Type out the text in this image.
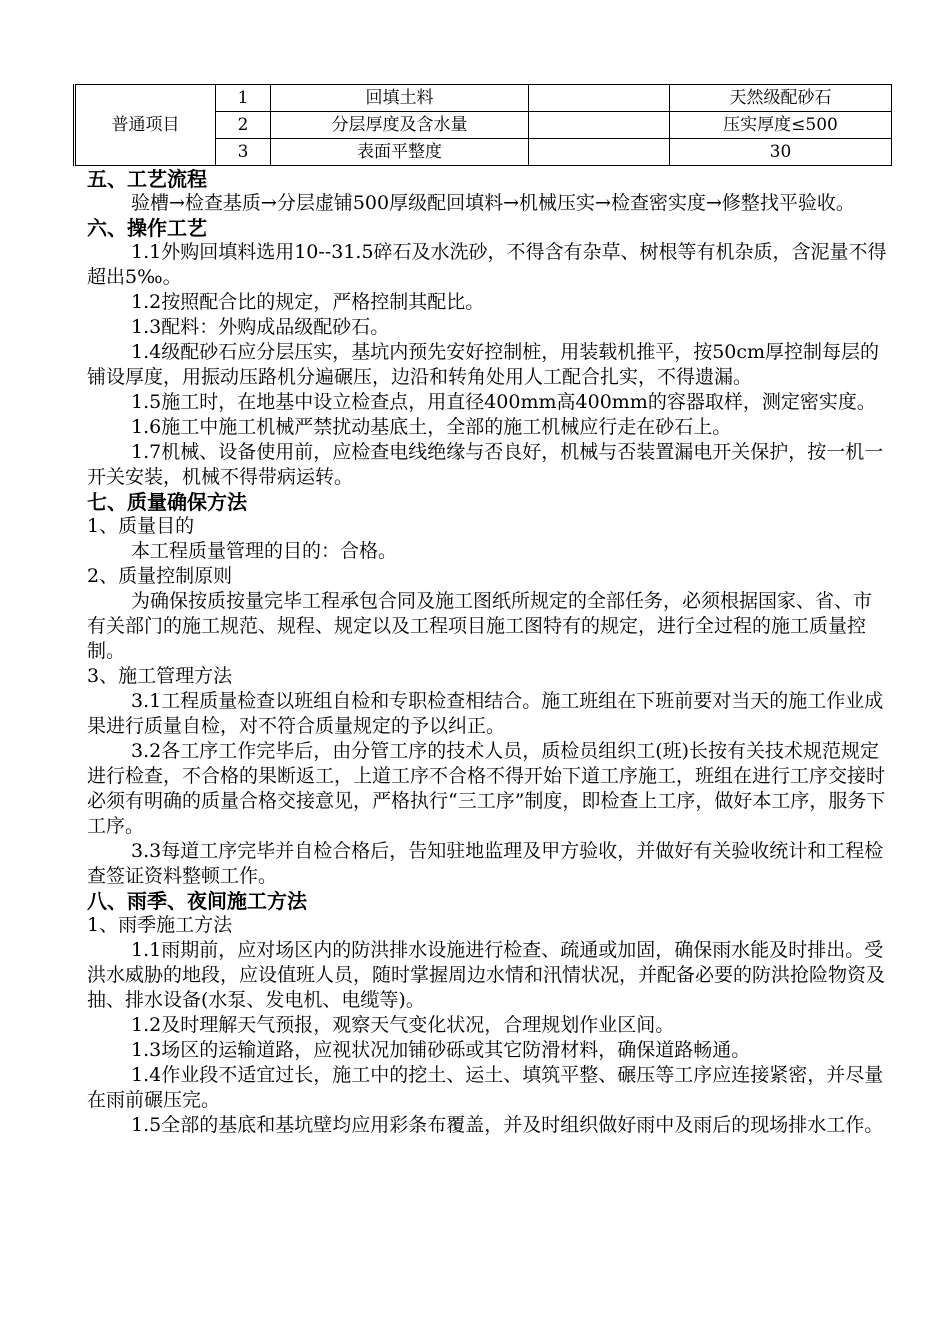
普通项目	1	回填土料		天然级配砂石
	2	分层厚度及含水量		压实厚度≤500
	3	表面平整度		30

五、工艺流程

验槽→检查基质→分层虚铺500厚级配回填料→机械压实→检查密实度→修整找平验收。

六、操作工艺

1.1外购回填料选用10--31.5碎石及水洗砂，不得含有杂草、树根等有机杂质，含泥量不得超出5‰。

1.2按照配合比的规定，严格控制其配比。

1.3配料：外购成品级配砂石。

1.4级配砂石应分层压实，基坑内预先安好控制桩，用装载机推平，按50cm厚控制每层的铺设厚度，用振动压路机分遍碾压，边沿和转角处用人工配合扎实，不得遗漏。

1.5施工时，在地基中设立检查点，用直径400mm高400mm的容器取样，测定密实度。

1.6施工中施工机械严禁扰动基底土，全部的施工机械应行走在砂石上。

1.7机械、设备使用前，应检查电线绝缘与否良好，机械与否装置漏电开关保护，按一机一开关安装，机械不得带病运转。

七、质量确保方法

1、质量目的

本工程质量管理的目的：合格。

2、质量控制原则

为确保按质按量完毕工程承包合同及施工图纸所规定的全部任务，必须根据国家、省、市有关部门的施工规范、规程、规定以及工程项目施工图特有的规定，进行全过程的施工质量控制。

3、施工管理方法

3.1工程质量检查以班组自检和专职检查相结合。施工班组在下班前要对当天的施工作业成果进行质量自检，对不符合质量规定的予以纠正。

3.2各工序工作完毕后，由分管工序的技术人员，质检员组织工(班)长按有关技术规范规定进行检查，不合格的果断返工，上道工序不合格不得开始下道工序施工，班组在进行工序交接时必须有明确的质量合格交接意见，严格执行“三工序”制度，即检查上工序，做好本工序，服务下工序。

3.3每道工序完毕并自检合格后，告知驻地监理及甲方验收，并做好有关验收统计和工程检查签证资料整顿工作。

八、雨季、夜间施工方法

1、雨季施工方法

1.1雨期前，应对场区内的防洪排水设施进行检查、疏通或加固，确保雨水能及时排出。受洪水威胁的地段，应设值班人员，随时掌握周边水情和汛情状况，并配备必要的防洪抢险物资及抽、排水设备(水泵、发电机、电缆等)。

1.2及时理解天气预报，观察天气变化状况，合理规划作业区间。

1.3场区的运输道路，应视状况加铺砂砾或其它防滑材料，确保道路畅通。

1.4作业段不适宜过长，施工中的挖土、运土、填筑平整、碾压等工序应连接紧密，并尽量在雨前碾压完。

1.5全部的基底和基坑壁均应用彩条布覆盖，并及时组织做好雨中及雨后的现场排水工作。
